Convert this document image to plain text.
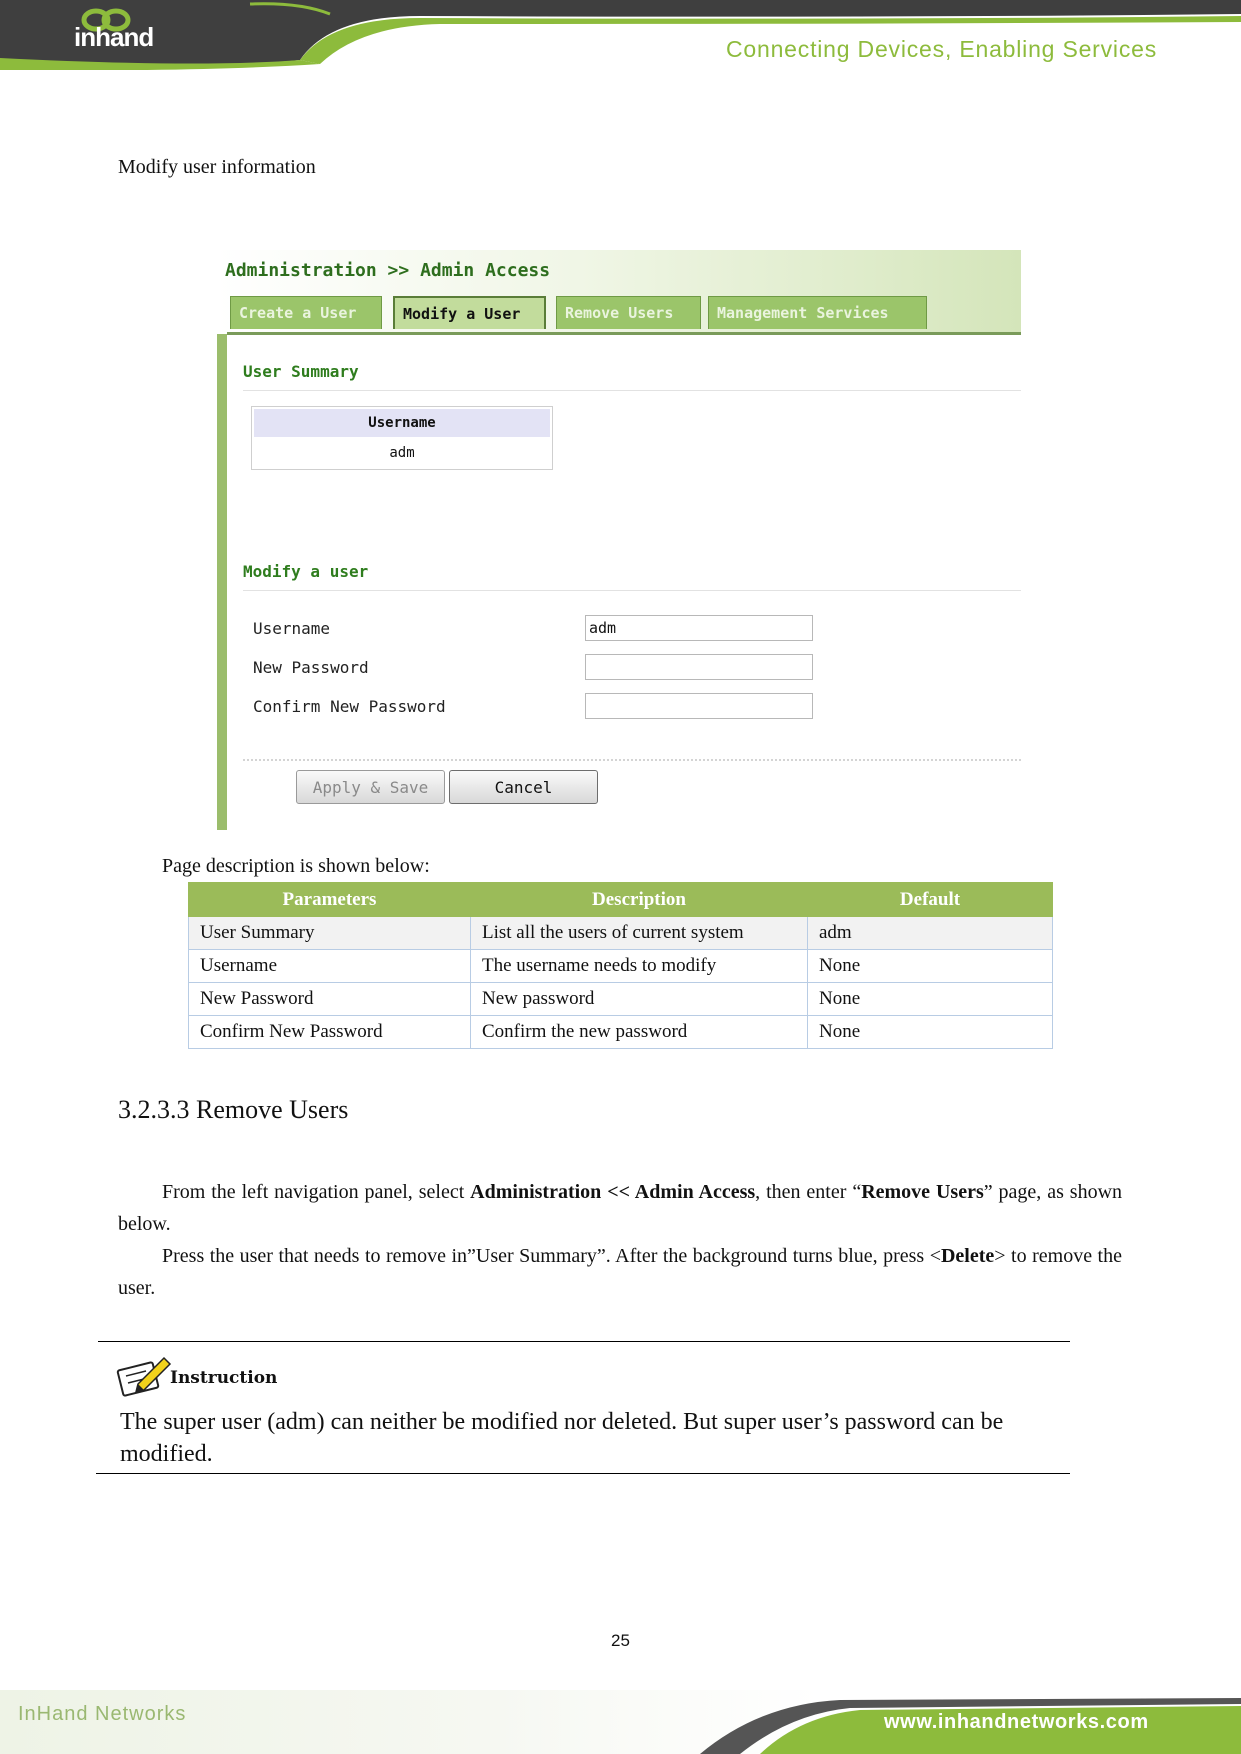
inhand	Connecting Devices, Enabling Services
Modify user information
Administration >> Admin Access
Create a User	Modify a User	Remove Users	Management Services
User Summary
Username
adm
Modify a user
Username
adm
New Password
Confirm New Password
Apply & Save	Cancel
Page description is shown below:
Parameters	Description	Default
User Summary	List all the users of current system	adm
Username	The username needs to modify	None
New Password	New password	None
Confirm New Password	Confirm the new password	None
3.2.3.3 Remove Users
From the left navigation panel, select Administration << Admin Access, then enter “Remove Users” page, as shown below.
Press the user that needs to remove in”User Summary”. After the background turns blue, press <Delete> to remove the user.
Instruction
The super user (adm) can neither be modified nor deleted. But super user’s password can be modified.
25
InHand Networks	www.inhandnetworks.com
